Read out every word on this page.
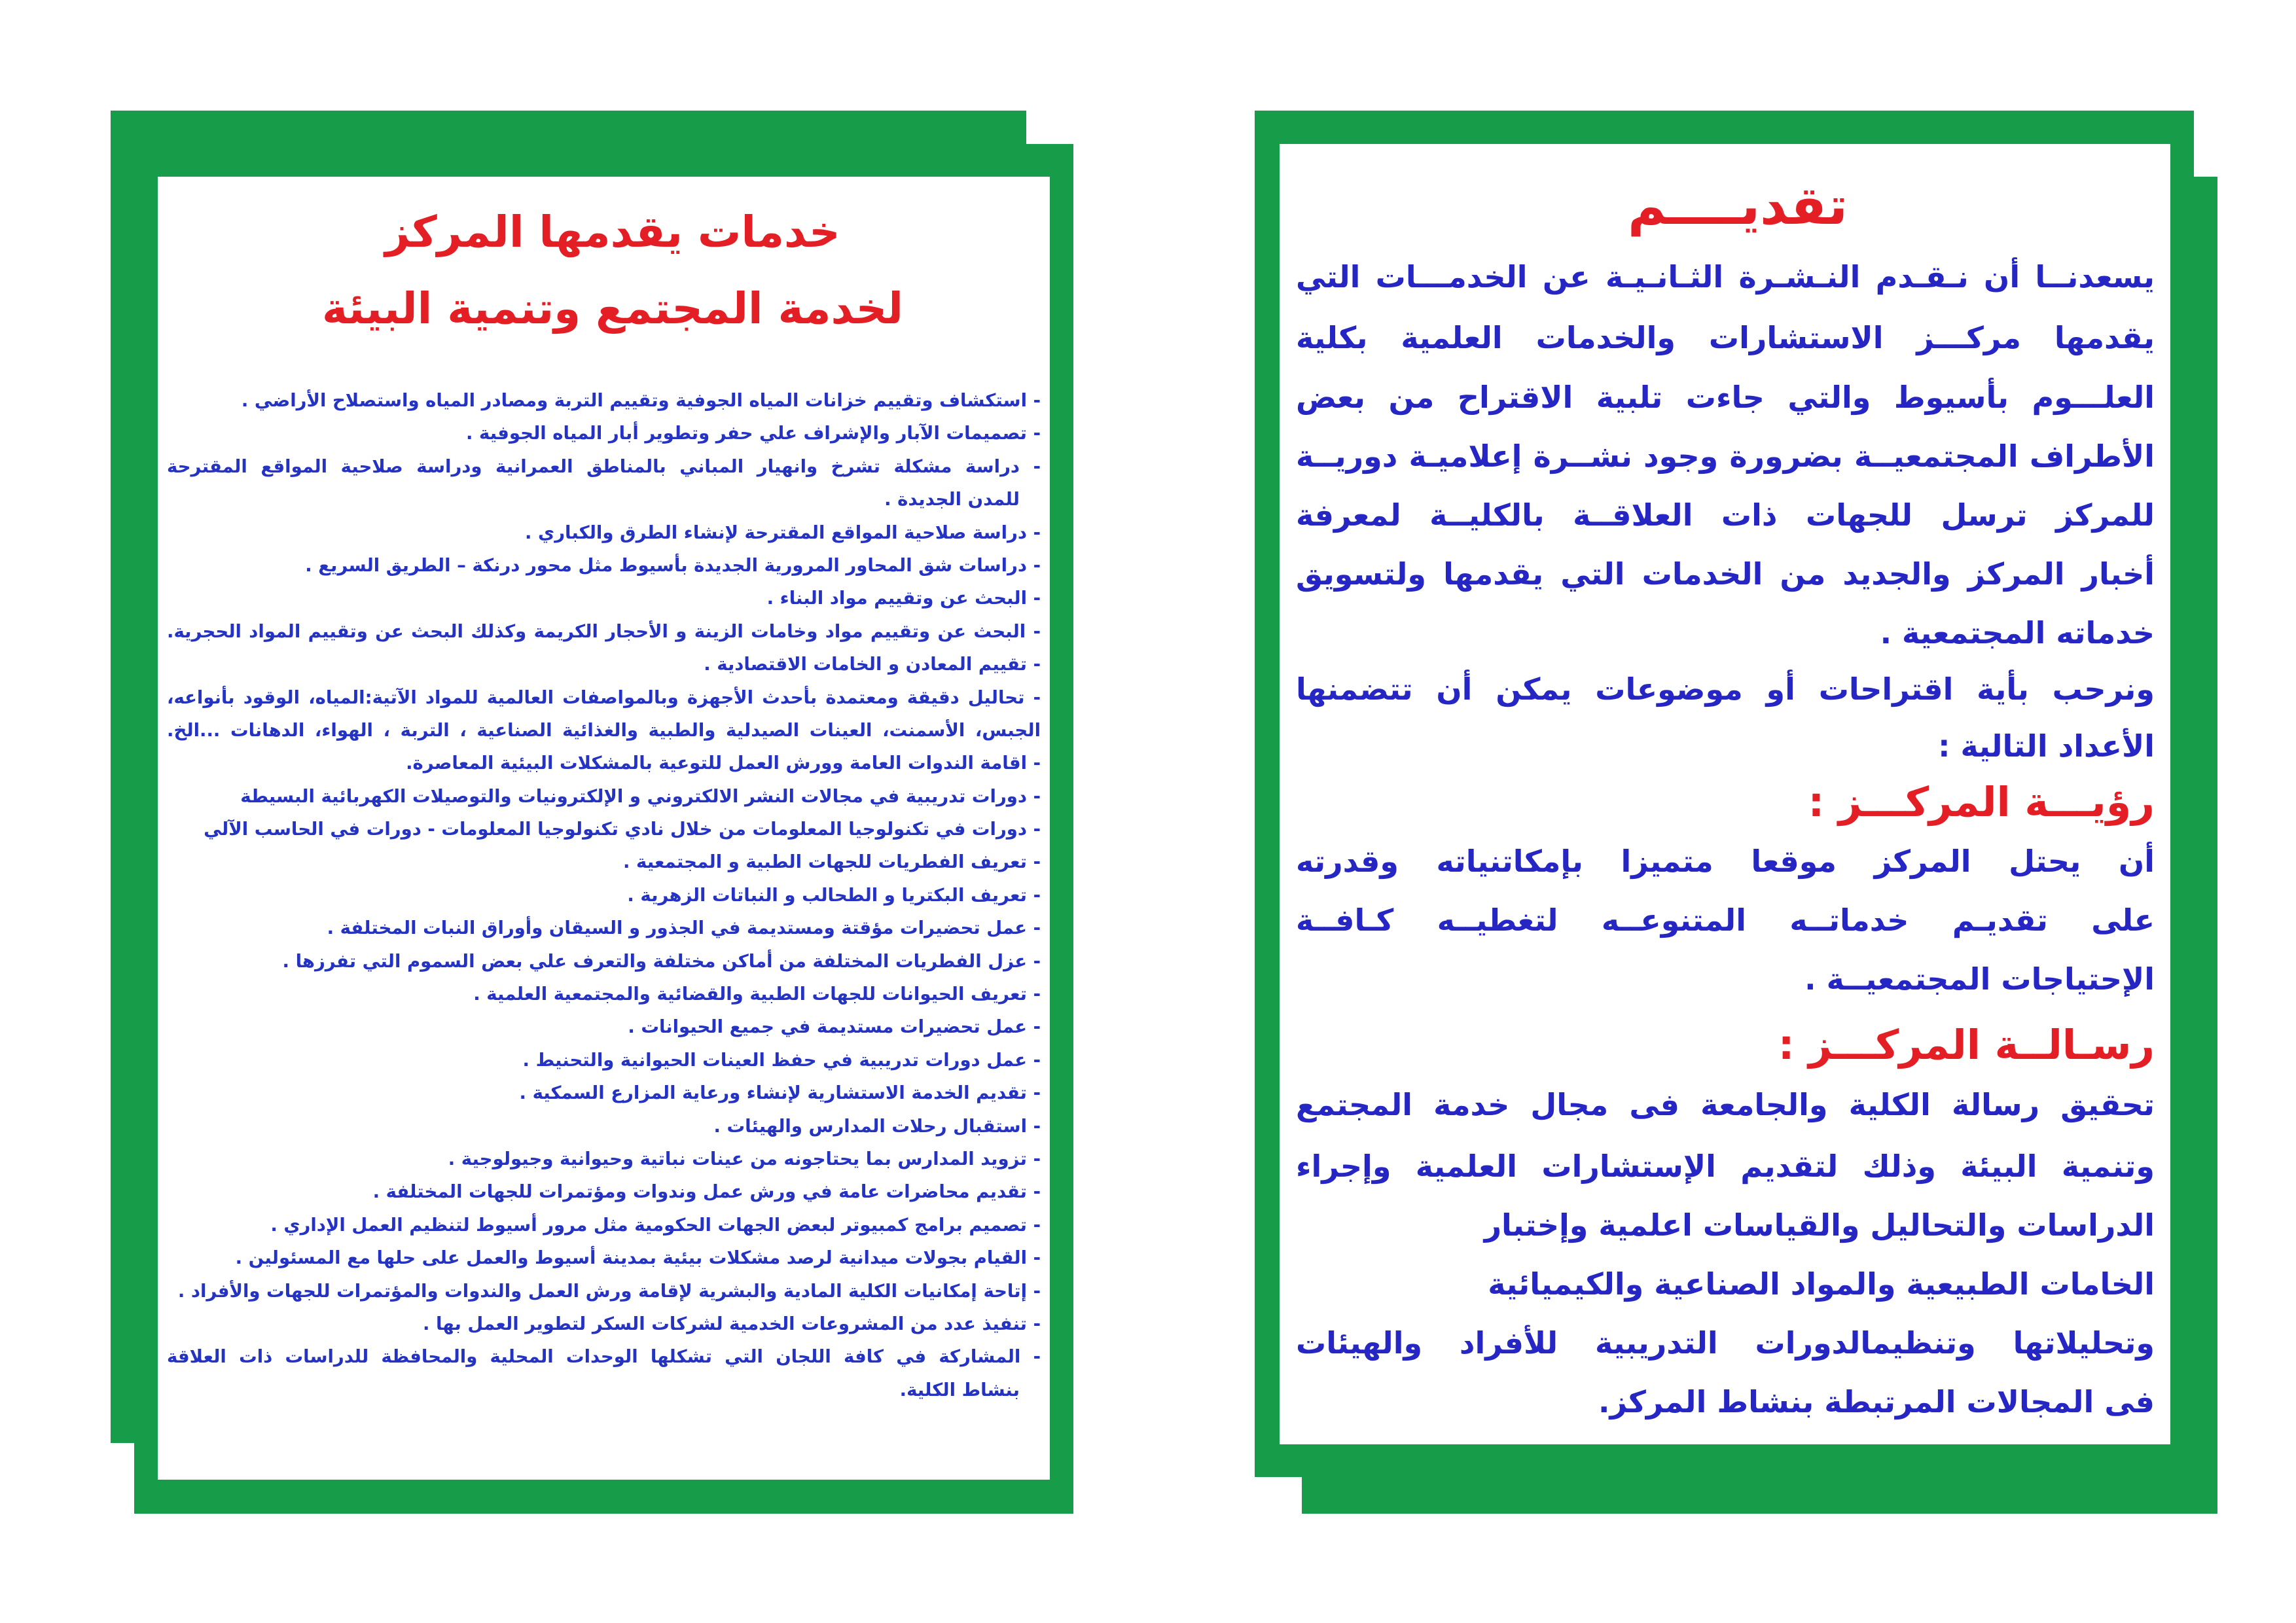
خدمات يقدمها المركز
لخدمة المجتمع وتنمية البيئة
- استكشاف وتقييم خزانات المياه الجوفية وتقييم التربة ومصادر المياه واستصلاح الأراضي .
- تصميمات الآبار والإشراف علي حفر وتطوير أبار المياه الجوفية .
- دراسة مشكلة تشرخ وانهيار المباني بالمناطق العمرانية ودراسة صلاحية المواقع المقترحة
للمدن الجديدة .
- دراسة صلاحية المواقع المقترحة لإنشاء الطرق والكباري .
- دراسات شق المحاور المرورية الجديدة بأسيوط مثل محور درنكة – الطريق السريع .
- البحث عن وتقييم مواد البناء .
- البحث عن وتقييم مواد وخامات الزينة و الأحجار الكريمة وكذلك البحث عن وتقييم المواد الحجرية.
- تقييم المعادن و الخامات الاقتصادية .
- تحاليل دقيقة ومعتمدة بأحدث الأجهزة وبالمواصفات العالمية للمواد الآتية:المياه، الوقود بأنواعه،
الجبس، الأسمنت، العينات الصيدلية والطبية والغذائية الصناعية ، التربة ، الهواء، الدهانات ...الخ.
- اقامة الندوات العامة وورش العمل للتوعية بالمشكلات البيئية المعاصرة.
- دورات تدريبية في مجالات النشر الالكتروني و الإلكترونيات والتوصيلات الكهربائية البسيطة
- دورات في تكنولوجيا المعلومات من خلال نادي تكنولوجيا المعلومات - دورات في الحاسب الآلي
- تعريف الفطريات للجهات الطبية و المجتمعية .
- تعريف البكتريا و الطحالب و النباتات الزهرية .
- عمل تحضيرات مؤقتة ومستديمة في الجذور و السيقان وأوراق النبات المختلفة .
- عزل الفطريات المختلفة من أماكن مختلفة والتعرف علي بعض السموم التي تفرزها .
- تعريف الحيوانات للجهات الطبية والقضائية والمجتمعية العلمية .
- عمل تحضيرات مستديمة في جميع الحيوانات .
- عمل دورات تدريبية في حفظ العينات الحيوانية والتحنيط .
- تقديم الخدمة الاستشارية لإنشاء ورعاية المزارع السمكية .
- استقبال رحلات المدارس والهيئات .
- تزويد المدارس بما يحتاجونه من عينات نباتية وحيوانية وجيولوجية .
- تقديم محاضرات عامة في ورش عمل وندوات ومؤتمرات للجهات المختلفة .
- تصميم برامج كمبيوتر لبعض الجهات الحكومية مثل مرور أسيوط لتنظيم العمل الإداري .
- القيام بجولات ميدانية لرصد مشكلات بيئية بمدينة أسيوط والعمل على حلها مع المسئولين .
- إتاحة إمكانيات الكلية المادية والبشرية لإقامة ورش العمل والندوات والمؤتمرات للجهات والأفراد .
- تنفيذ عدد من المشروعات الخدمية لشركات السكر لتطوير العمل بها .
- المشاركة في كافة اللجان التي تشكلها الوحدات المحلية والمحافظة للدراسات ذات العلاقة
بنشاط الكلية.
تقديــــم
يسعدنــا أن نـقـدم النـشـرة الثـانـيـة عن الخدمـــات التي
يقدمها مركـــز الاستشارات والخدمات العلمية بكلية
العلـــوم بأسيوط والتي جاءت تلبية الاقتراح من بعض
الأطراف المجتمعيــة بضرورة وجود نشــرة إعلاميـة دوريــة
للمركز ترسل للجهات ذات العلاقــة بالكليــة لمعرفة
أخبار المركز والجديد من الخدمات التي يقدمها ولتسويق
خدماته المجتمعية .
ونرحب بأية اقتراحات أو موضوعات يمكن أن تتضمنها
الأعداد التالية :
رؤيـــة المركـــز :
أن يحتل المركز موقعا متميزا بإمكاتنياته وقدرته
على تقديـم خدماتــه المتنوعــه لتغطيــه كـافــة
الإحتياجات المجتمعيــة .
رسـالــة المركـــز :
تحقيق رسالة الكلية والجامعة فى مجال خدمة المجتمع
وتنمية البيئة وذلك لتقديم الإستشارات العلمية وإجراء
الدراسات والتحاليل والقياسات اعلمية وإختبار
الخامات الطبيعية والمواد الصناعية والكيميائية
وتحليلاتها وتنظيمالدورات التدريبية للأفراد والهيئات
فى المجالات المرتبطة بنشاط المركز.
